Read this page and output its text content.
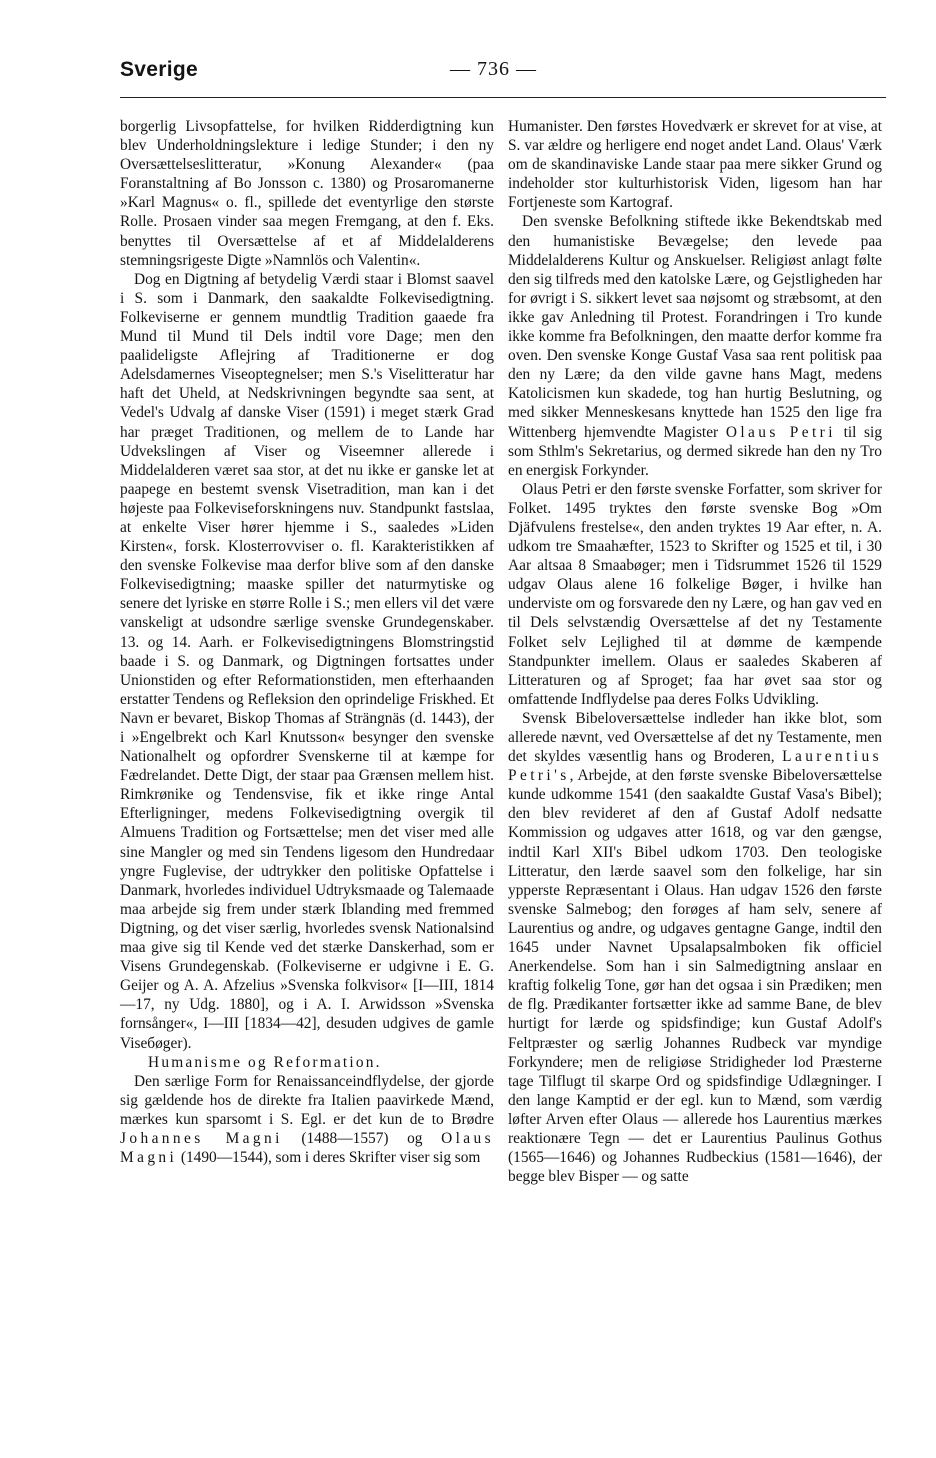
Sverige	— 736 —

borgerlig Livsopfattelse, for hvilken Ridderdigtning kun blev Underholdningslekture i ledige Stunder; i den ny Oversættelseslitteratur, »Konung Alexander« (paa Foranstaltning af Bo Jonsson c. 1380) og Prosaromanerne »Karl Magnus« o. fl., spillede det eventyrlige den største Rolle. Prosaen vinder saa megen Fremgang, at den f. Eks. benyttes til Oversættelse af et af Middelalderens stemningsrigeste Digte »Namnlös och Valentin«.

Dog en Digtning af betydelig Værdi staar i Blomst saavel i S. som i Danmark, den saakaldte Folkevisedigtning. Folkeviserne er gennem mundtlig Tradition gaaede fra Mund til Mund til Dels indtil vore Dage; men den paalideligste Aflejring af Traditionerne er dog Adelsdamernes Viseoptegnelser; men S.'s Viselitteratur har haft det Uheld, at Nedskrivningen begyndte saa sent, at Vedel's Udvalg af danske Viser (1591) i meget stærk Grad har præget Traditionen, og mellem de to Lande har Udvekslingen af Viser og Viseemner allerede i Middelalderen været saa stor, at det nu ikke er ganske let at paapege en bestemt svensk Visetradition, man kan i det højeste paa Folkeviseforskningens nuv. Standpunkt fastslaa, at enkelte Viser hører hjemme i S., saaledes »Liden Kirsten«, forsk. Klosterrovviser o. fl. Karakteristikken af den svenske Folkevise maa derfor blive som af den danske Folkevisedigtning; maaske spiller det naturmytiske og senere det lyriske en større Rolle i S.; men ellers vil det være vanskeligt at udsondre særlige svenske Grundegenskaber. 13. og 14. Aarh. er Folkevisedigtningens Blomstringstid baade i S. og Danmark, og Digtningen fortsattes under Unionstiden og efter Reformationstiden, men efterhaanden erstatter Tendens og Refleksion den oprindelige Friskhed. Et Navn er bevaret, Biskop Thomas af Strängnäs (d. 1443), der i »Engelbrekt och Karl Knutsson« besynger den svenske Nationalhelt og opfordrer Svenskerne til at kæmpe for Fædrelandet. Dette Digt, der staar paa Grænsen mellem hist. Rimkrønike og Tendensvise, fik et ikke ringe Antal Efterligninger, medens Folkevisedigtning overgik til Almuens Tradition og Fortsættelse; men det viser med alle sine Mangler og med sin Tendens ligesom den Hundredaar yngre Fuglevise, der udtrykker den politiske Opfattelse i Danmark, hvorledes individuel Udtryksmaade og Talemaade maa arbejde sig frem under stærk Iblanding med fremmed Digtning, og det viser særlig, hvorledes svensk Nationalsind maa give sig til Kende ved det stærke Danskerhad, som er Visens Grundegenskab. (Folkeviserne er udgivne i E. G. Geijer og A. A. Afzelius »Svenska folkvisor« [I—III, 1814—17, ny Udg. 1880], og i A. I. Arwidsson »Svenska fornsånger«, I—III [1834—42], desuden udgives de gamle Viseбøger).

Humanisme og Reformation.

Den særlige Form for Renaissanceindflydelse, der gjorde sig gældende hos de direkte fra Italien paavirkede Mænd, mærkes kun sparsomt i S. Egl. er det kun de to Brødre Johannes Magni (1488—1557) og Olaus Magni (1490—1544), som i deres Skrifter viser sig som

Humanister. Den førstes Hovedværk er skrevet for at vise, at S. var ældre og herligere end noget andet Land. Olaus' Værk om de skandinaviske Lande staar paa mere sikker Grund og indeholder stor kulturhistorisk Viden, ligesom han har Fortjeneste som Kartograf.

Den svenske Befolkning stiftede ikke Bekendtskab med den humanistiske Bevægelse; den levede paa Middelalderens Kultur og Anskuelser. Religiøst anlagt følte den sig tilfreds med den katolske Lære, og Gejstligheden har for øvrigt i S. sikkert levet saa nøjsomt og stræbsomt, at den ikke gav Anledning til Protest. Forandringen i Tro kunde ikke komme fra Befolkningen, den maatte derfor komme fra oven. Den svenske Konge Gustaf Vasa saa rent politisk paa den ny Lære; da den vilde gavne hans Magt, medens Katolicismen kun skadede, tog han hurtig Beslutning, og med sikker Menneskesans knyttede han 1525 den lige fra Wittenberg hjemvendte Magister Olaus Petri til sig som Sthlm's Sekretarius, og dermed sikrede han den ny Tro en energisk Forkynder.

Olaus Petri er den første svenske Forfatter, som skriver for Folket. 1495 tryktes den første svenske Bog »Om Djäfvulens frestelse«, den anden tryktes 19 Aar efter, n. A. udkom tre Smaahæfter, 1523 to Skrifter og 1525 et til, i 30 Aar altsaa 8 Smaabøger; men i Tidsrummet 1526 til 1529 udgav Olaus alene 16 folkelige Bøger, i hvilke han underviste om og forsvarede den ny Lære, og han gav ved en til Dels selvstændig Oversættelse af det ny Testamente Folket selv Lejlighed til at dømme de kæmpende Standpunkter imellem. Olaus er saaledes Skaberen af Litteraturen og af Sproget; faa har øvet saa stor og omfattende Indflydelse paa deres Folks Udvikling.

Svensk Bibeloversættelse indleder han ikke blot, som allerede nævnt, ved Oversættelse af det ny Testamente, men det skyldes væsentlig hans og Broderen, Laurentius Petri's, Arbejde, at den første svenske Bibeloversættelse kunde udkomme 1541 (den saakaldte Gustaf Vasa's Bibel); den blev revideret af den af Gustaf Adolf nedsatte Kommission og udgaves atter 1618, og var den gængse, indtil Karl XII's Bibel udkom 1703. Den teologiske Litteratur, den lærde saavel som den folkelige, har sin ypperste Repræsentant i Olaus. Han udgav 1526 den første svenske Salmebog; den forøges af ham selv, senere af Laurentius og andre, og udgaves gentagne Gange, indtil den 1645 under Navnet Upsalapsalmboken fik officiel Anerkendelse. Som han i sin Salmedigtning anslaar en kraftig folkelig Tone, gør han det ogsaa i sin Prædiken; men de flg. Prædikanter fortsætter ikke ad samme Bane, de blev hurtigt for lærde og spidsfindige; kun Gustaf Adolf's Feltpræster og særlig Johannes Rudbeck var myndige Forkyndere; men de religiøse Stridigheder lod Præsterne tage Tilflugt til skarpe Ord og spidsfindige Udlægninger. I den lange Kamptid er der egl. kun to Mænd, som værdig løfter Arven efter Olaus — allerede hos Laurentius mærkes reaktionære Tegn — det er Laurentius Paulinus Gothus (1565—1646) og Johannes Rudbeckius (1581—1646), der begge blev Bisper — og satte
